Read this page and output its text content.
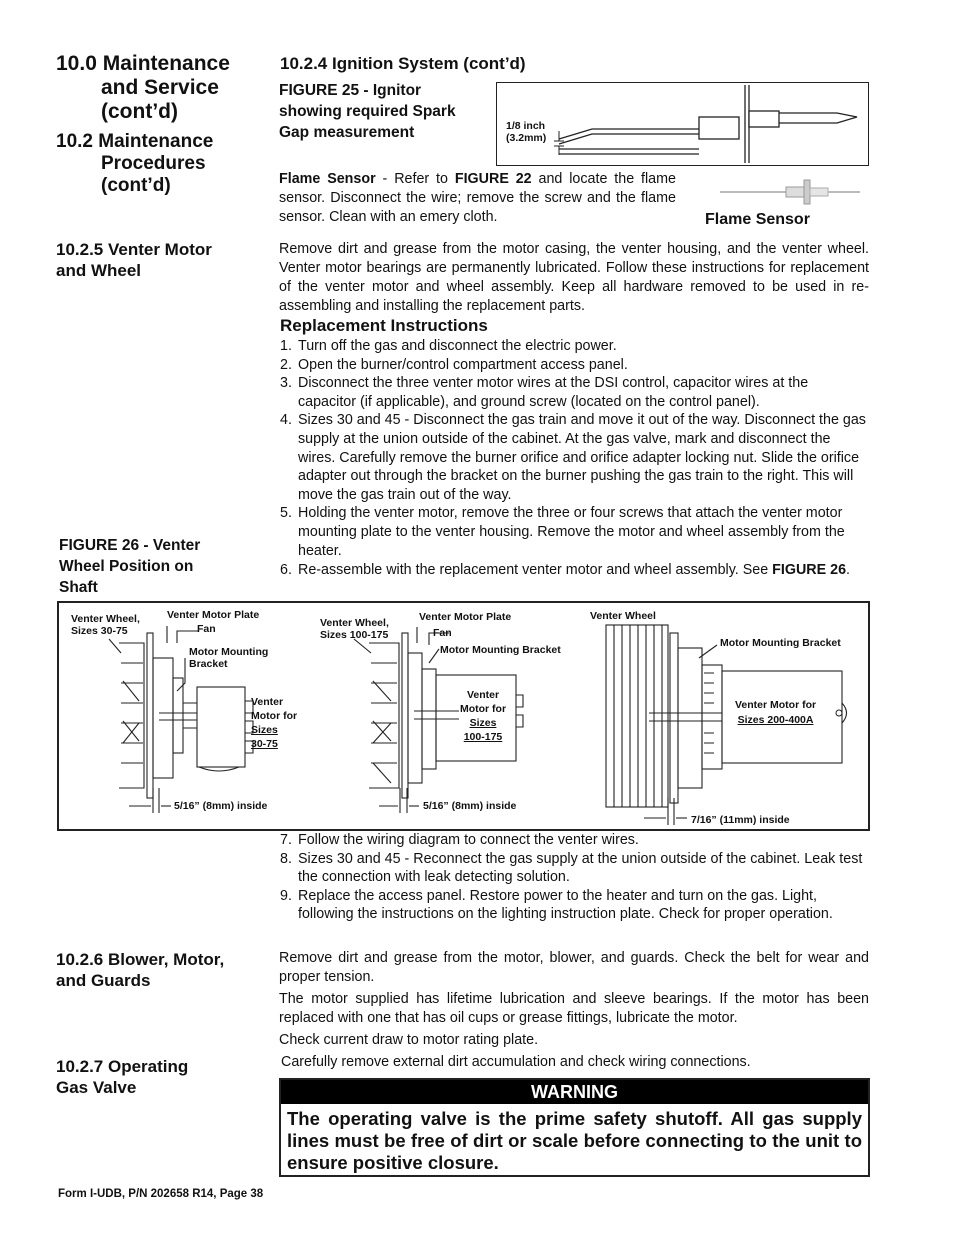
10.0 Maintenance
and Service
(cont’d)
10.2 Maintenance
Procedures
(cont’d)
10.2.4 Ignition System (cont’d)
FIGURE 25 - Ignitor
showing required Spark
Gap measurement	1/8 inch
(3.2mm)
Flame Sensor - Refer to FIGURE 22 and locate the flame sensor. Disconnect the wire; remove the screw and the flame sensor. Clean with an emery cloth.	Flame Sensor
10.2.5 Venter Motor
and Wheel
Remove dirt and grease from the motor casing, the venter housing, and the venter wheel. Venter motor bearings are permanently lubricated. Follow these instructions for replacement of the venter motor and wheel assembly. Keep all hardware removed to be used in re-assembling and installing the replacement parts.
Replacement Instructions
1. Turn off the gas and disconnect the electric power.
2. Open the burner/control compartment access panel.
3. Disconnect the three venter motor wires at the DSI control, capacitor wires at the capacitor (if applicable), and ground screw (located on the control panel).
4. Sizes 30 and 45 - Disconnect the gas train and move it out of the way. Disconnect the gas supply at the union outside of the cabinet. At the gas valve, mark and disconnect the wires. Carefully remove the burner orifice and orifice adapter locking nut. Slide the orifice adapter out through the bracket on the burner pushing the gas train to the right. This will move the gas train out of the way.
5. Holding the venter motor, remove the three or four screws that attach the venter motor mounting plate to the venter housing. Remove the motor and wheel assembly from the heater.
6. Re-assemble with the replacement venter motor and wheel assembly. See FIGURE 26.
FIGURE 26 - Venter
Wheel Position on
Shaft
Venter Wheel,
Sizes 30-75
Venter Motor Plate
Fan
Motor Mounting
Bracket
Venter
Motor for
Sizes
30-75
5/16” (8mm) inside
Venter Wheel,
Sizes 100-175
Venter Motor Plate
Fan
Motor Mounting Bracket
Venter
Motor for
Sizes
100-175
5/16” (8mm) inside
Venter Wheel
Motor Mounting Bracket
Venter Motor for
Sizes 200-400A
7/16” (11mm) inside
7. Follow the wiring diagram to connect the venter wires.
8. Sizes 30 and 45 - Reconnect the gas supply at the union outside of the cabinet. Leak test the connection with leak detecting solution.
9. Replace the access panel. Restore power to the heater and turn on the gas. Light, following the instructions on the lighting instruction plate. Check for proper operation.
10.2.6 Blower, Motor,
and Guards
Remove dirt and grease from the motor, blower, and guards. Check the belt for wear and proper tension.
The motor supplied has lifetime lubrication and sleeve bearings. If the motor has been replaced with one that has oil cups or grease fittings, lubricate the motor.
Check current draw to motor rating plate.
10.2.7 Operating
Gas Valve
Carefully remove external dirt accumulation and check wiring connections.
WARNING
The operating valve is the prime safety shutoff. All gas supply lines must be free of dirt or scale before connecting to the unit to ensure positive closure.
Form I-UDB, P/N 202658 R14, Page 38
